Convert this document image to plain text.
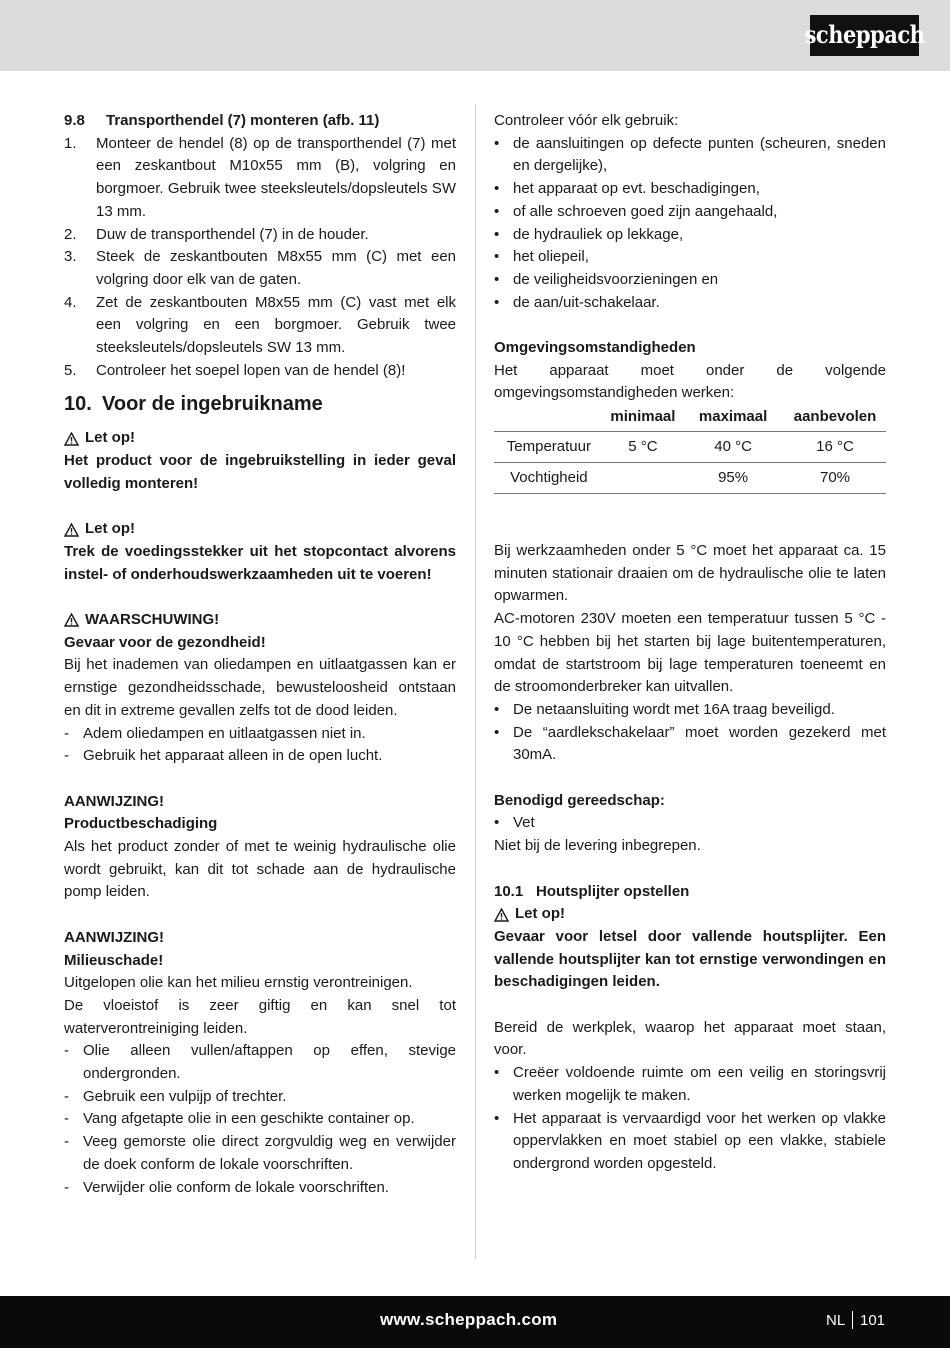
scheppach
9.8	Transporthendel (7) monteren (afb. 11)
1.	Monteer de hendel (8) op de transporthendel (7) met een zeskantbout M10x55 mm (B), volgring en borgmoer. Gebruik twee steeksleutels/dopsleutels SW 13 mm.
2.	Duw de transporthendel (7) in de houder.
3.	Steek de zeskantbouten M8x55 mm (C) met een volgring door elk van de gaten.
4.	Zet de zeskantbouten M8x55 mm (C) vast met elk een volgring en een borgmoer. Gebruik twee steeksleutels/dopsleutels SW 13 mm.
5.	Controleer het soepel lopen van de hendel (8)!
10. Voor de ingebruikname
Let op!

Het product voor de ingebruikstelling in ieder geval volledig monteren!

Let op!

Trek de voedingsstekker uit het stopcontact alvorens instel- of onderhoudswerkzaamheden uit te voeren!

WAARSCHUWING!

Gevaar voor de gezondheid!

Bij het inademen van oliedampen en uitlaatgassen kan er ernstige gezondheidsschade, bewusteloosheid ontstaan en dit in extreme gevallen zelfs tot de dood leiden.

- Adem oliedampen en uitlaatgassen niet in.
- Gebruik het apparaat alleen in de open lucht.

AANWIJZING!

Productbeschadiging

Als het product zonder of met te weinig hydraulische olie wordt gebruikt, kan dit tot schade aan de hydraulische pomp leiden.

AANWIJZING!

Milieuschade!

Uitgelopen olie kan het milieu ernstig verontreinigen.

De vloeistof is zeer giftig en kan snel tot waterverontreiniging leiden.

- Olie alleen vullen/aftappen op effen, stevige ondergronden.
- Gebruik een vulpijp of trechter.
- Vang afgetapte olie in een geschikte container op.
- Veeg gemorste olie direct zorgvuldig weg en verwijder de doek conform de lokale voorschriften.
- Verwijder olie conform de lokale voorschriften.

Controleer vóór elk gebruik:

• de aansluitingen op defecte punten (scheuren, sneden en dergelijke),
• het apparaat op evt. beschadigingen,
• of alle schroeven goed zijn aangehaald,
• de hydrauliek op lekkage,
• het oliepeil,
• de veiligheidsvoorzieningen en
• de aan/uit-schakelaar.

Omgevingsomstandigheden

Het apparaat moet onder de volgende omgevingsomstandigheden werken:

	minimaal	maximaal	aanbevolen
Temperatuur	5 °C	40 °C	16 °C
Vochtigheid		95%	70%

Bij werkzaamheden onder 5 °C moet het apparaat ca. 15 minuten stationair draaien om de hydraulische olie te laten opwarmen.

AC-motoren 230V moeten een temperatuur tussen 5 °C - 10 °C hebben bij het starten bij lage buitentemperaturen, omdat de startstroom bij lage temperaturen toeneemt en de stroomonderbreker kan uitvallen.

• De netaansluiting wordt met 16A traag beveiligd.
• De “aardlekschakelaar” moet worden gezekerd met 30mA.

Benodigd gereedschap:

• Vet

Niet bij de levering inbegrepen.

10.1 Houtsplijter opstellen
Let op!

Gevaar voor letsel door vallende houtsplijter. Een vallende houtsplijter kan tot ernstige verwondingen en beschadigingen leiden.

Bereid de werkplek, waarop het apparaat moet staan, voor.

• Creëer voldoende ruimte om een veilig en storingsvrij werken mogelijk te maken.
• Het apparaat is vervaardigd voor het werken op vlakke oppervlakken en moet stabiel op een vlakke, stabiele ondergrond worden opgesteld.
www.scheppach.com	NL 101
